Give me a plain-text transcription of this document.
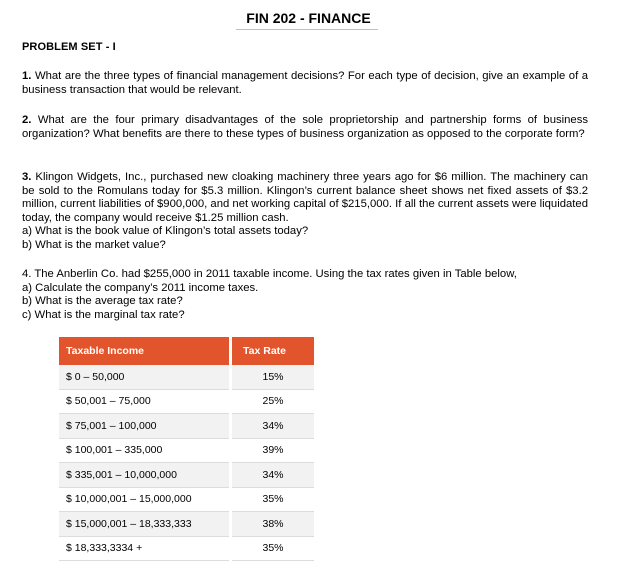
FIN 202 - FINANCE
PROBLEM SET - I
1. What are the three types of financial management decisions? For each type of decision, give an example of a business transaction that would be relevant.
2. What are the four primary disadvantages of the sole proprietorship and partnership forms of business organization? What benefits are there to these types of business organization as opposed to the corporate form?
3. Klingon Widgets, Inc., purchased new cloaking machinery three years ago for $6 million. The machinery can be sold to the Romulans today for $5.3 million. Klingon’s current balance sheet shows net fixed assets of $3.2 million, current liabilities of $900,000, and net working capital of $215,000. If all the current assets were liquidated today, the company would receive $1.25 million cash.
a) What is the book value of Klingon’s total assets today?
b) What is the market value?
4. The Anberlin Co. had $255,000 in 2011 taxable income. Using the tax rates given in Table below,
a) Calculate the company’s 2011 income taxes.
b) What is the average tax rate?
c) What is the marginal tax rate?
Taxable Income		Tax Rate
$ 0 – 50,000		15%
$ 50,001 – 75,000		25%
$ 75,001 – 100,000		34%
$ 100,001 – 335,000		39%
$ 335,001 – 10,000,000		34%
$ 10,000,001 – 15,000,000		35%
$ 15,000,001 – 18,333,333		38%
$ 18,333,3334 +		35%
